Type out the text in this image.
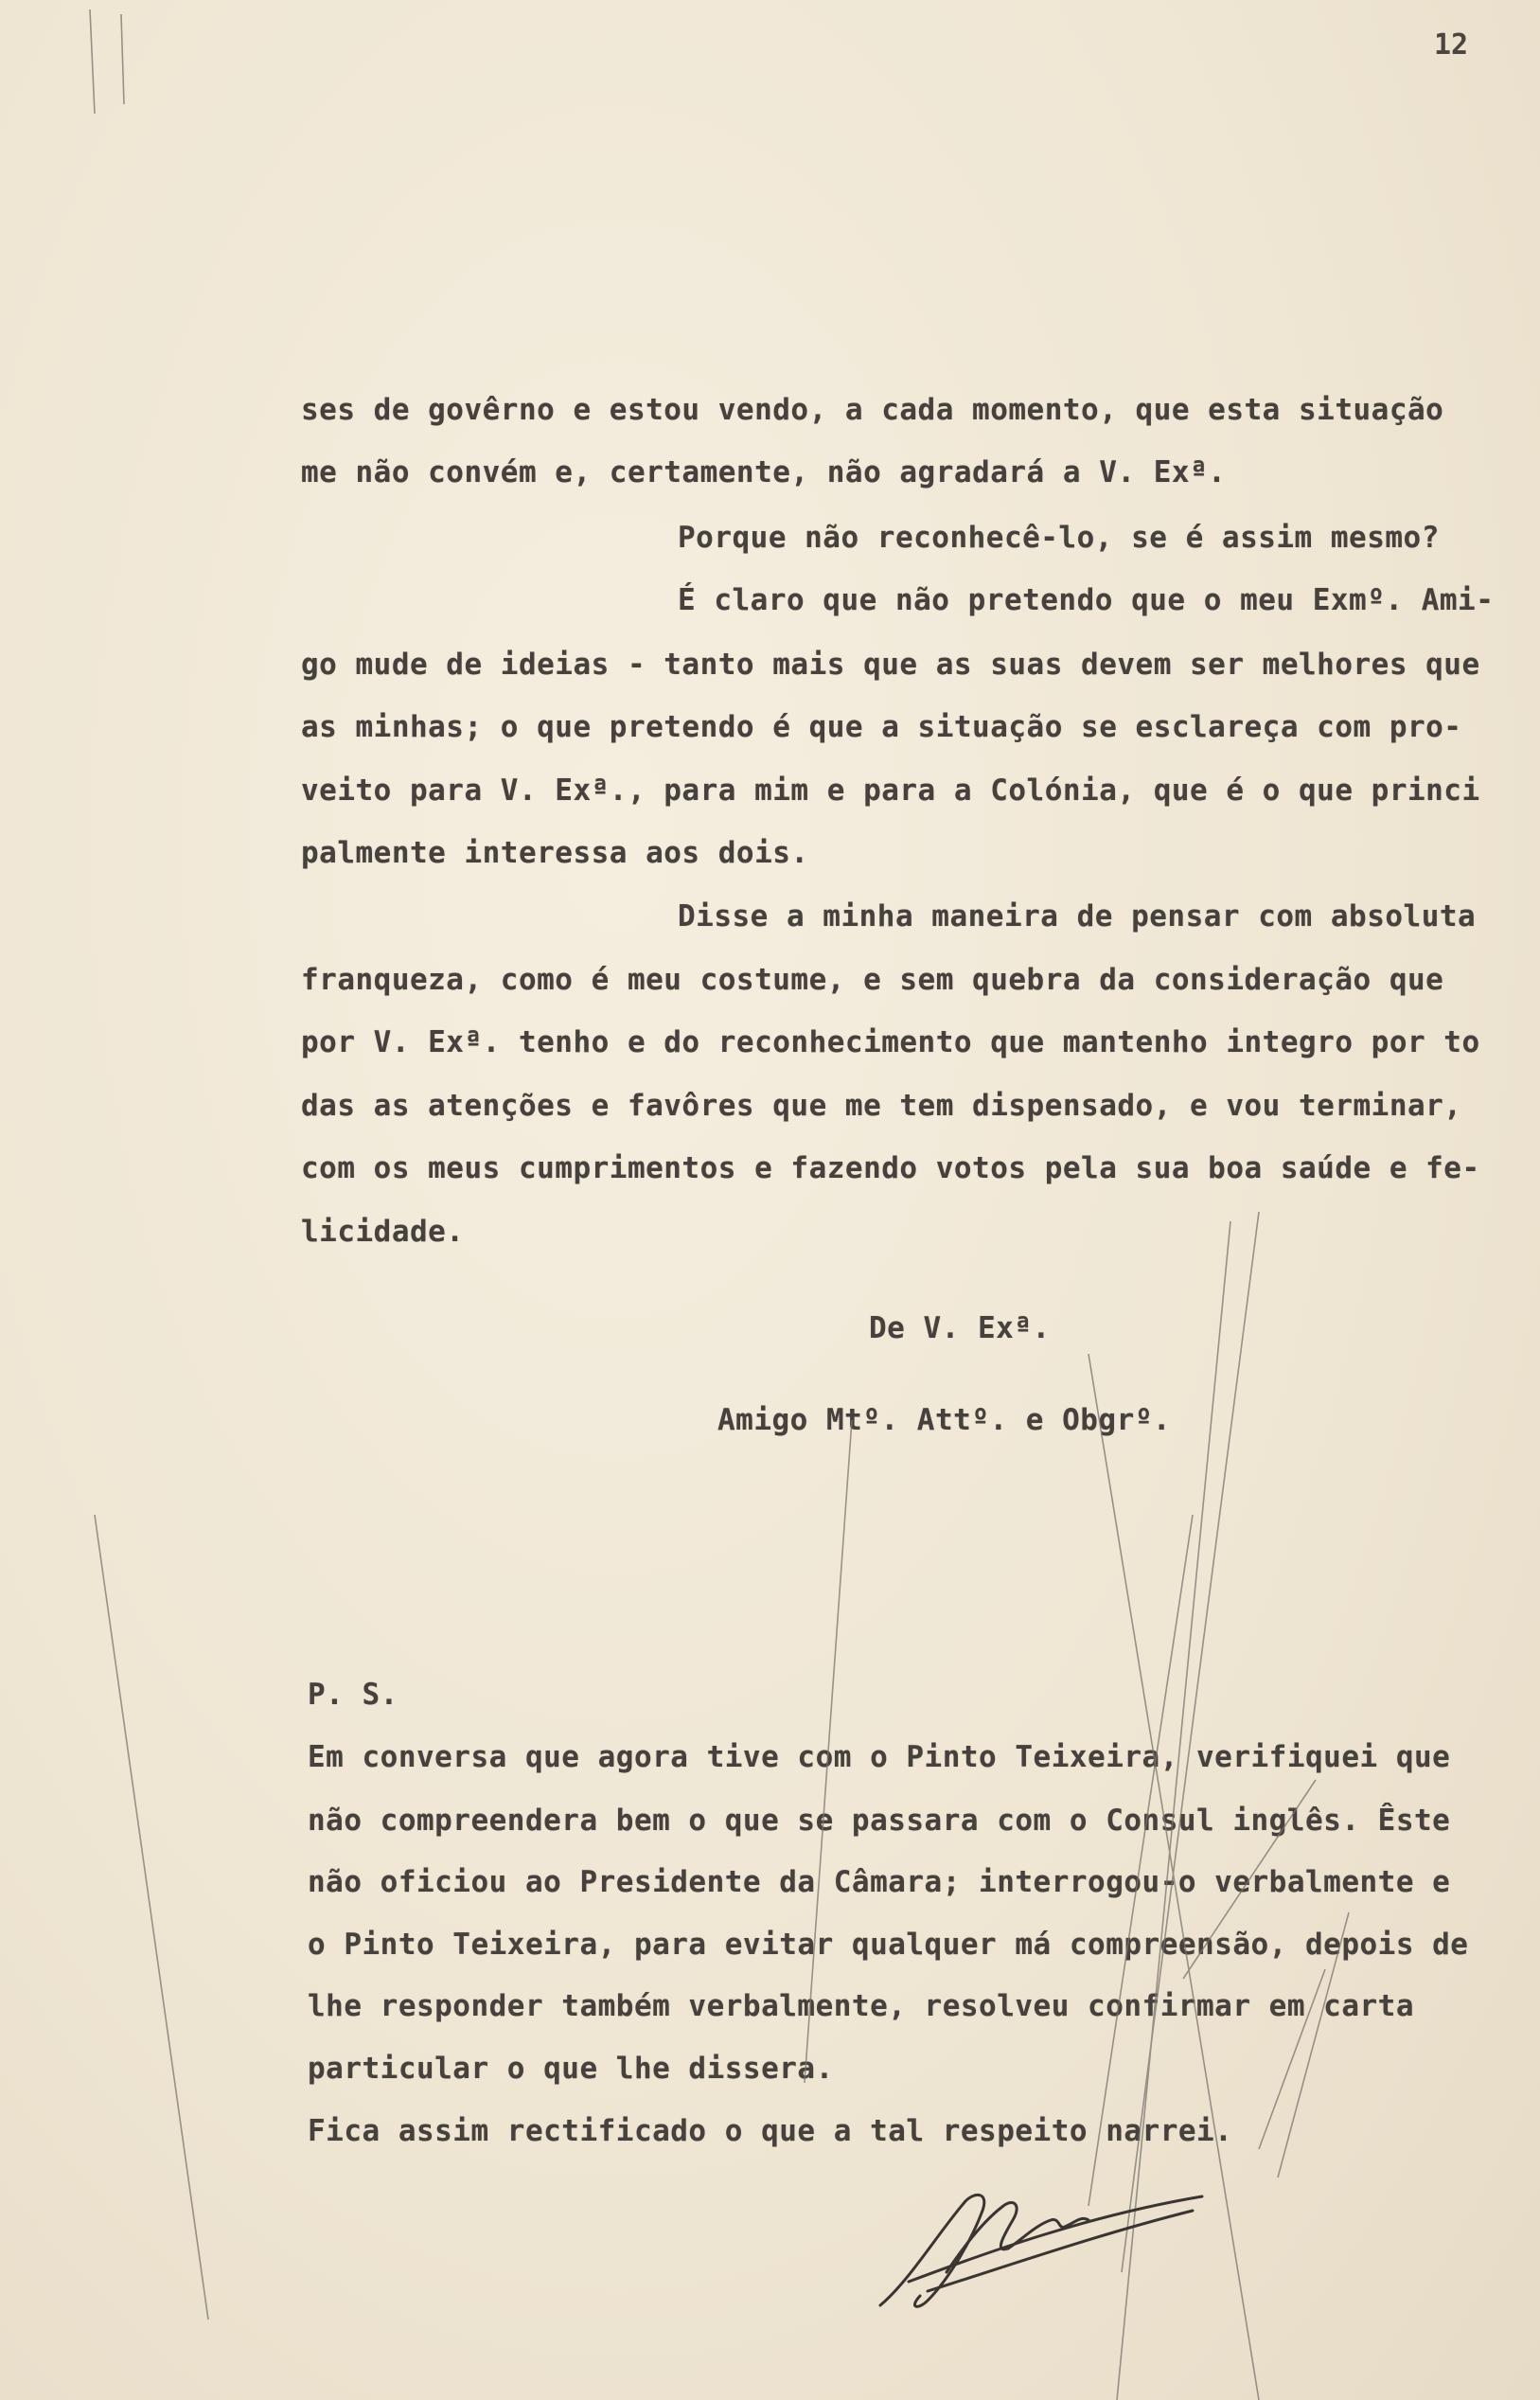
12
ses de govêrno e estou vendo, a cada momento, que esta situação
me não convém e, certamente, não agradará a V. Exª.
Porque não reconhecê-lo, se é assim mesmo?
É claro que não pretendo que o meu Exmº. Ami-
go mude de ideias - tanto mais que as suas devem ser melhores que
as minhas; o que pretendo é que a situação se esclareça com pro-
veito para V. Exª., para mim e para a Colónia, que é o que princi
palmente interessa aos dois.
Disse a minha maneira de pensar com absoluta
franqueza, como é meu costume, e sem quebra da consideração que
por V. Exª. tenho e do reconhecimento que mantenho integro por to
das as atenções e favôres que me tem dispensado, e vou terminar,
com os meus cumprimentos e fazendo votos pela sua boa saúde e fe-
licidade.
De V. Exª.
Amigo Mtº. Attº. e Obgrº.
P. S.
Em conversa que agora tive com o Pinto Teixeira, verifiquei que
não compreendera bem o que se passara com o Consul inglês. Êste
não oficiou ao Presidente da Câmara; interrogou-o verbalmente e
o Pinto Teixeira, para evitar qualquer má compreensão, depois de
lhe responder também verbalmente, resolveu confirmar em carta
particular o que lhe dissera.
Fica assim rectificado o que a tal respeito narrei.
